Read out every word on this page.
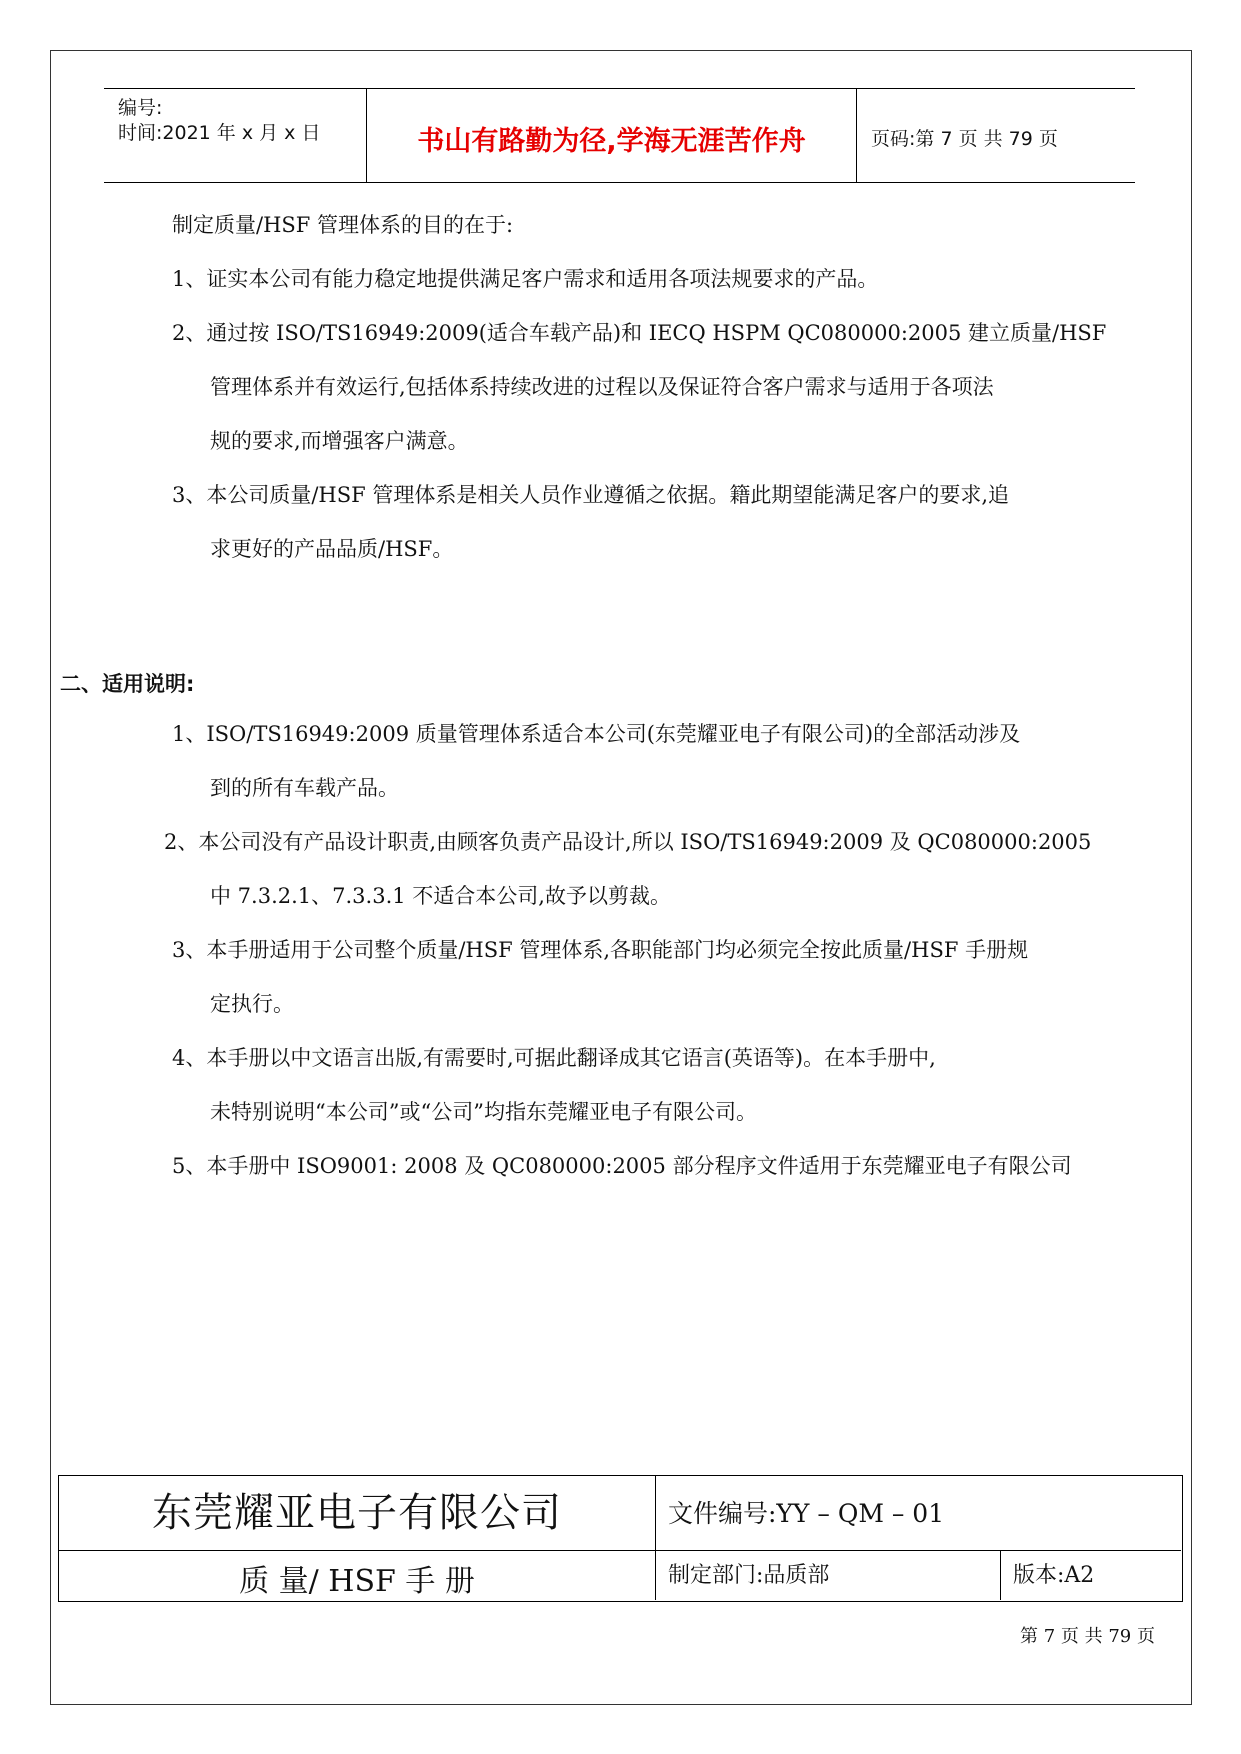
编号:
时间:2021 年 x 月 x 日	书山有路勤为径,学海无涯苦作舟	页码:第 7 页 共 79 页
制定质量/HSF 管理体系的目的在于:
1、证实本公司有能力稳定地提供满足客户需求和适用各项法规要求的产品。
2、通过按 ISO/TS16949:2009(适合车载产品)和 IECQ HSPM QC080000:2005 建立质量/HSF
管理体系并有效运行,包括体系持续改进的过程以及保证符合客户需求与适用于各项法
规的要求,而增强客户满意。
3、本公司质量/HSF 管理体系是相关人员作业遵循之依据。籍此期望能满足客户的要求,追
求更好的产品品质/HSF。
二、适用说明:
1、ISO/TS16949:2009 质量管理体系适合本公司(东莞耀亚电子有限公司)的全部活动涉及
到的所有车载产品。
2、本公司没有产品设计职责,由顾客负责产品设计,所以 ISO/TS16949:2009 及 QC080000:2005
中 7.3.2.1、7.3.3.1 不适合本公司,故予以剪裁。
3、本手册适用于公司整个质量/HSF 管理体系,各职能部门均必须完全按此质量/HSF 手册规
定执行。
4、本手册以中文语言出版,有需要时,可据此翻译成其它语言(英语等)。在本手册中,
未特别说明“本公司”或“公司”均指东莞耀亚电子有限公司。
5、本手册中 ISO9001: 2008 及 QC080000:2005 部分程序文件适用于东莞耀亚电子有限公司
东莞耀亚电子有限公司	文件编号:YY – QM – 01
质 量/ HSF 手 册	制定部门:品质部	版本:A2
第 7 页 共 79 页
